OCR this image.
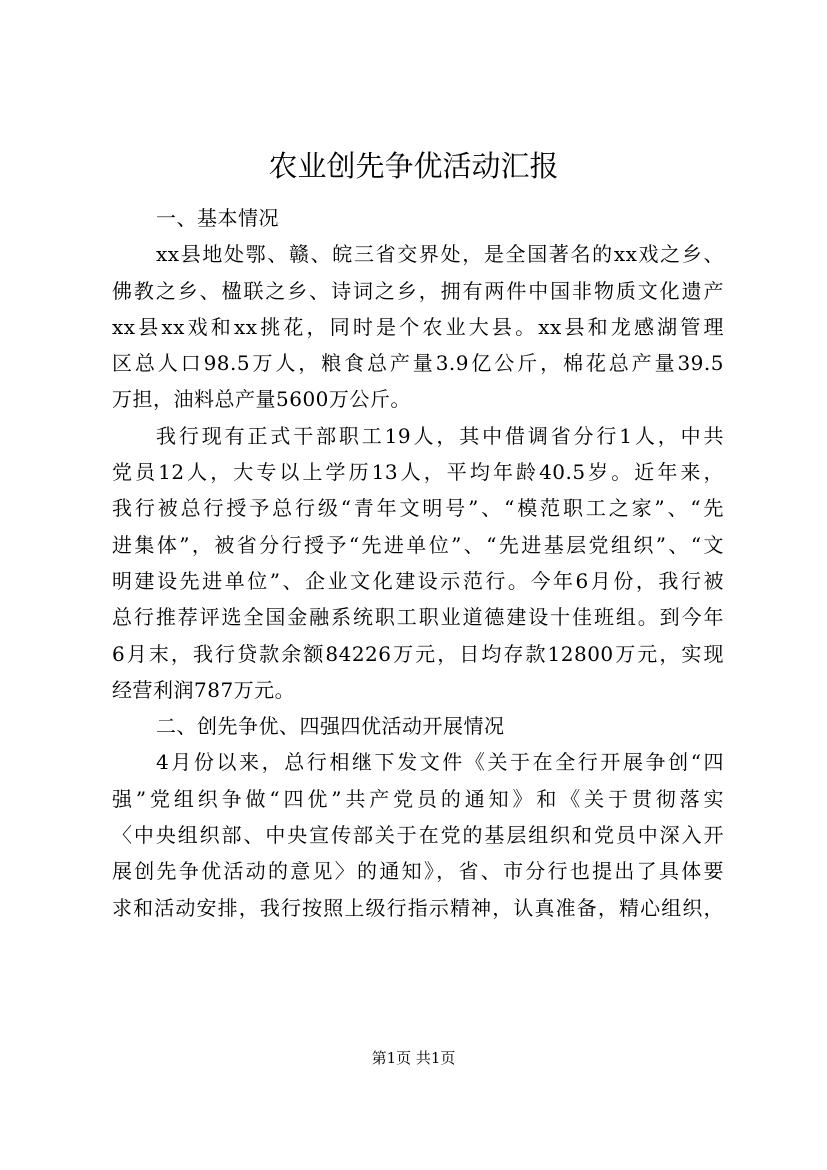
农业创先争优活动汇报
一、基本情况
xx县地处鄂、赣、皖三省交界处，是全国著名的xx戏之乡、
佛教之乡、楹联之乡、诗词之乡，拥有两件中国非物质文化遗产
xx县xx戏和xx挑花，同时是个农业大县。xx县和龙感湖管理
区总人口98.5万人，粮食总产量3.9亿公斤，棉花总产量39.5
万担，油料总产量5600万公斤。
我行现有正式干部职工19人，其中借调省分行1人，中共
党员12人，大专以上学历13人，平均年龄40.5岁。近年来，
我行被总行授予总行级“青年文明号”、“模范职工之家”、“先
进集体”，被省分行授予“先进单位”、“先进基层党组织”、“文
明建设先进单位”、企业文化建设示范行。今年6月份，我行被
总行推荐评选全国金融系统职工职业道德建设十佳班组。到今年
6月末，我行贷款余额84226万元，日均存款12800万元，实现
经营利润787万元。
二、创先争优、四强四优活动开展情况
4月份以来，总行相继下发文件《关于在全行开展争创“四
强”党组织争做“四优”共产党员的通知》和《关于贯彻落实
〈中央组织部、中央宣传部关于在党的基层组织和党员中深入开
展创先争优活动的意见〉的通知》，省、市分行也提出了具体要
求和活动安排，我行按照上级行指示精神，认真准备，精心组织，
第1页 共1页
